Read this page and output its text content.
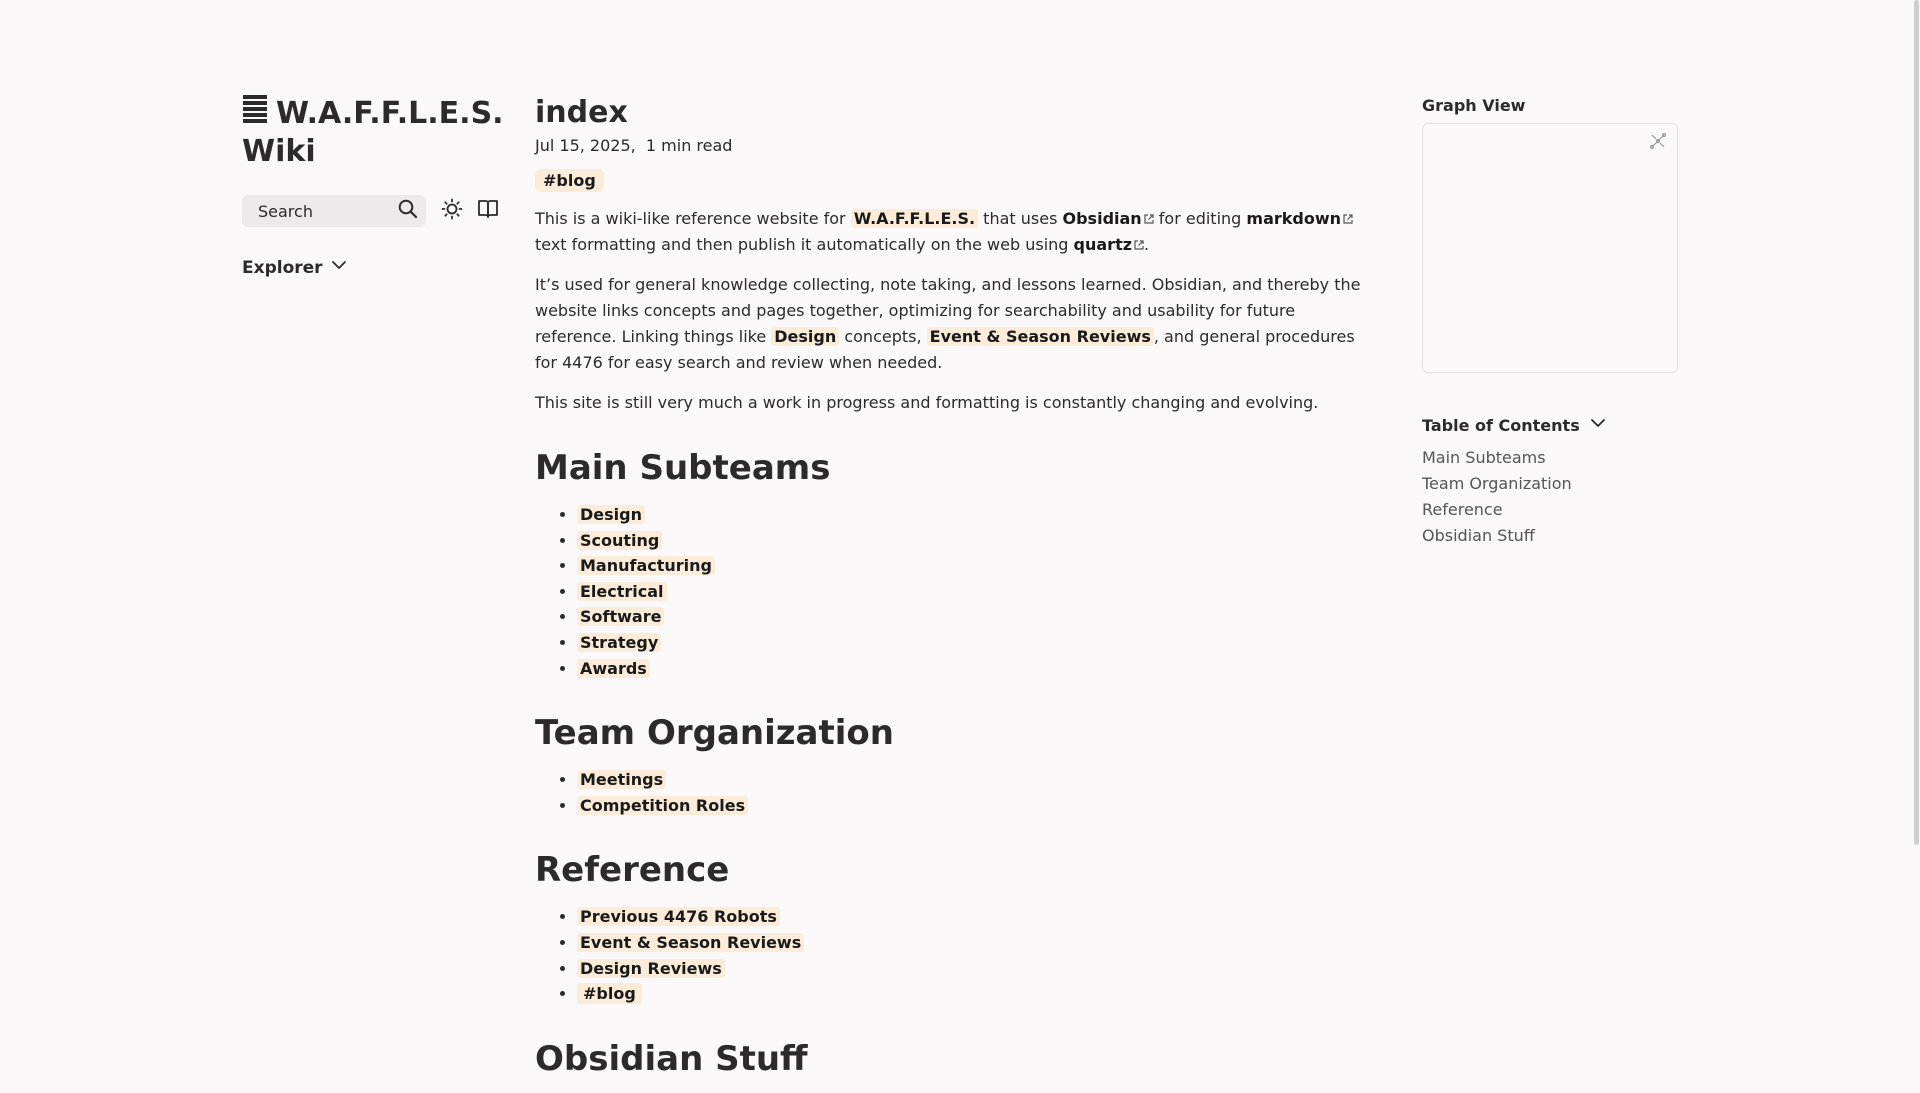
W.A.F.F.L.E.S. Wiki
Search
Explorer
index
Jul 15, 2025,  1 min read
#blog

This is a wiki-like reference website for W.A.F.F.L.E.S. that uses Obsidian for editing markdown text formatting and then publish it automatically on the web using quartz .

It’s used for general knowledge collecting, note taking, and lessons learned. Obsidian, and thereby the website links concepts and pages together, optimizing for searchability and usability for future reference. Linking things like Design concepts, Event & Season Reviews , and general procedures for 4476 for easy search and review when needed.

This site is still very much a work in progress and formatting is constantly changing and evolving.

Main Subteams
• Design
• Scouting
• Manufacturing
• Electrical
• Software
• Strategy
• Awards
Team Organization
• Meetings
• Competition Roles
Reference
• Previous 4476 Robots
• Event & Season Reviews
• Design Reviews
• #blog
Obsidian Stuff
Graph View
Table of Contents
Main Subteams
Team Organization
Reference
Obsidian Stuff
